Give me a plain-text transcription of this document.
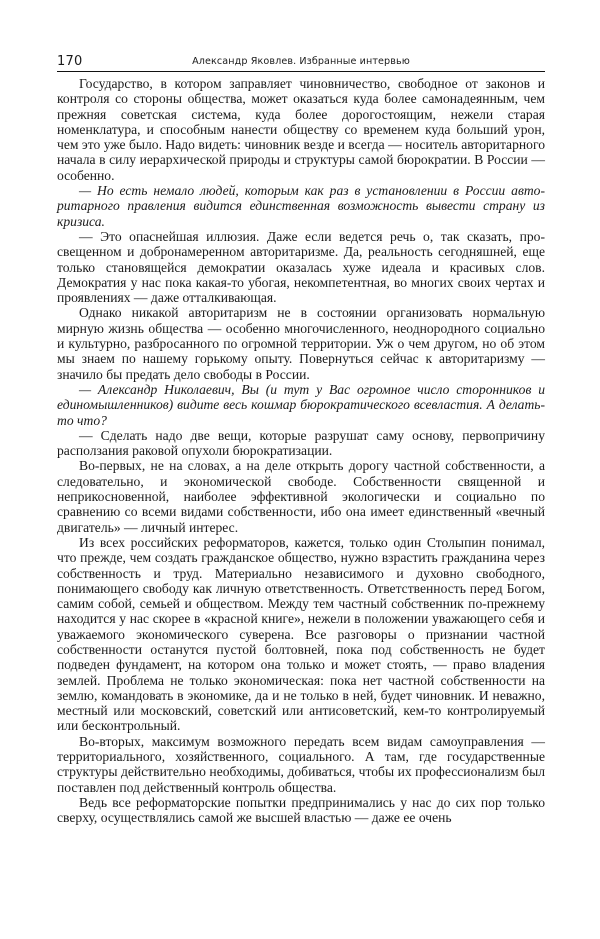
170	Александр Яковлев. Избранные интервью

Государство, в котором заправляет чиновничество, свободное от законов и контроля со стороны общества, может оказаться куда более самонадеянным, чем прежняя советская система, куда более дорогостоящим, нежели старая номенклатура, и способным нанести обществу со временем куда больший урон, чем это уже было. Надо видеть: чиновник везде и всегда — носитель авторитарного начала в силу иерархической природы и структуры самой бюрократии. В России — особенно.

— Но есть немало людей, которым как раз в установлении в России авторитарного правления видится единственная возможность вывести страну из кризиса.

— Это опаснейшая иллюзия. Даже если ведется речь о, так сказать, просвещенном и добронамеренном авторитаризме. Да, реальность сегодняшней, еще только становящейся демократии оказалась хуже идеала и красивых слов. Демократия у нас пока какая-то убогая, некомпетентная, во многих своих чертах и проявлениях — даже отталкивающая.

Однако никакой авторитаризм не в состоянии организовать нормальную мирную жизнь общества — особенно многочисленного, неоднородного социально и культурно, разбросанного по огромной территории. Уж о чем другом, но об этом мы знаем по нашему горькому опыту. Повернуться сейчас к авторитаризму — значило бы предать дело свободы в России.

— Александр Николаевич, Вы (и тут у Вас огромное число сторонников и единомышленников) видите весь кошмар бюрократического всевластия. А делать-то что?

— Сделать надо две вещи, которые разрушат саму основу, первопричину расползания раковой опухоли бюрократизации.

Во-первых, не на словах, а на деле открыть дорогу частной собственности, а следовательно, и экономической свободе. Собственности священной и неприкосновенной, наиболее эффективной экологически и социально по сравнению со всеми видами собственности, ибо она имеет единственный «вечный двигатель» — личный интерес.

Из всех российских реформаторов, кажется, только один Столыпин понимал, что прежде, чем создать гражданское общество, нужно взрастить гражданина через собственность и труд. Материально независимого и духовно свободного, понимающего свободу как личную ответственность. Ответственность перед Богом, самим собой, семьей и обществом. Между тем частный собственник по-прежнему находится у нас скорее в «красной книге», нежели в положении уважающего себя и уважаемого экономического суверена. Все разговоры о признании частной собственности останутся пустой болтовней, пока под собственность не будет подведен фундамент, на котором она только и может стоять, — право владения землей. Проблема не только экономическая: пока нет частной собственности на землю, командовать в экономике, да и не только в ней, будет чиновник. И неважно, местный или московский, советский или антисоветский, кем-то контролируемый или бесконтрольный.

Во-вторых, максимум возможного передать всем видам самоуправления — территориального, хозяйственного, социального. А там, где государственные структуры действительно необходимы, добиваться, чтобы их профессионализм был поставлен под действенный контроль общества.

Ведь все реформаторские попытки предпринимались у нас до сих пор только сверху, осуществлялись самой же высшей властью — даже ее очень
